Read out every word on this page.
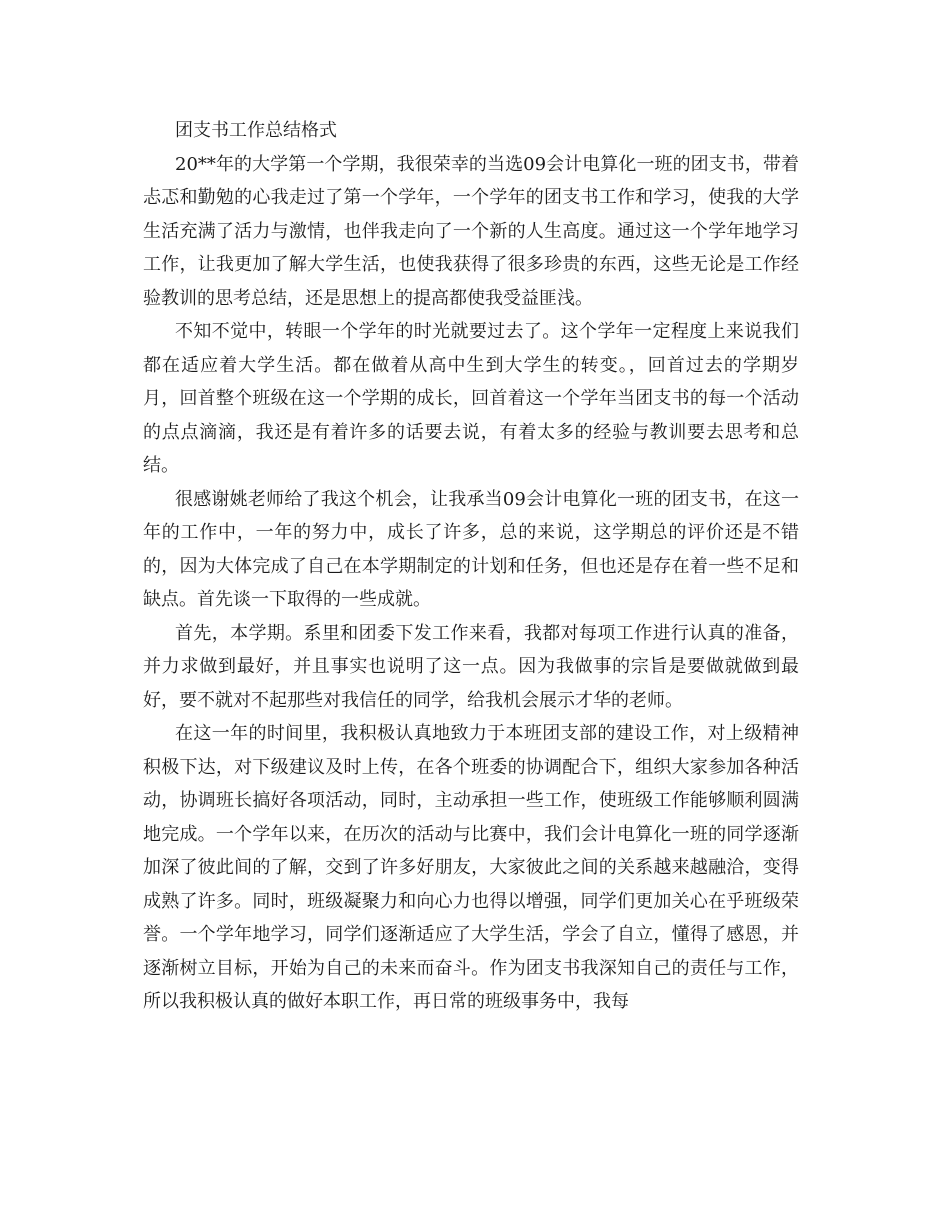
团支书工作总结格式

20**年的大学第一个学期，我很荣幸的当选09会计电算化一班的团支书，带着忐忑和勤勉的心我走过了第一个学年，一个学年的团支书工作和学习，使我的大学生活充满了活力与激情，也伴我走向了一个新的人生高度。通过这一个学年地学习工作，让我更加了解大学生活，也使我获得了很多珍贵的东西，这些无论是工作经验教训的思考总结，还是思想上的提高都使我受益匪浅。

不知不觉中，转眼一个学年的时光就要过去了。这个学年一定程度上来说我们都在适应着大学生活。都在做着从高中生到大学生的转变。，回首过去的学期岁月，回首整个班级在这一个学期的成长，回首着这一个学年当团支书的每一个活动的点点滴滴，我还是有着许多的话要去说，有着太多的经验与教训要去思考和总结。

很感谢姚老师给了我这个机会，让我承当09会计电算化一班的团支书，在这一年的工作中，一年的努力中，成长了许多，总的来说，这学期总的评价还是不错的，因为大体完成了自己在本学期制定的计划和任务，但也还是存在着一些不足和缺点。首先谈一下取得的一些成就。

首先，本学期。系里和团委下发工作来看，我都对每项工作进行认真的准备，并力求做到最好，并且事实也说明了这一点。因为我做事的宗旨是要做就做到最好，要不就对不起那些对我信任的同学，给我机会展示才华的老师。

在这一年的时间里，我积极认真地致力于本班团支部的建设工作，对上级精神积极下达，对下级建议及时上传，在各个班委的协调配合下，组织大家参加各种活动，协调班长搞好各项活动，同时，主动承担一些工作，使班级工作能够顺利圆满地完成。一个学年以来，在历次的活动与比赛中，我们会计电算化一班的同学逐渐加深了彼此间的了解，交到了许多好朋友，大家彼此之间的关系越来越融洽，变得成熟了许多。同时，班级凝聚力和向心力也得以增强，同学们更加关心在乎班级荣誉。一个学年地学习，同学们逐渐适应了大学生活，学会了自立，懂得了感恩，并逐渐树立目标，开始为自己的未来而奋斗。作为团支书我深知自己的责任与工作，所以我积极认真的做好本职工作，再日常的班级事务中，我每
